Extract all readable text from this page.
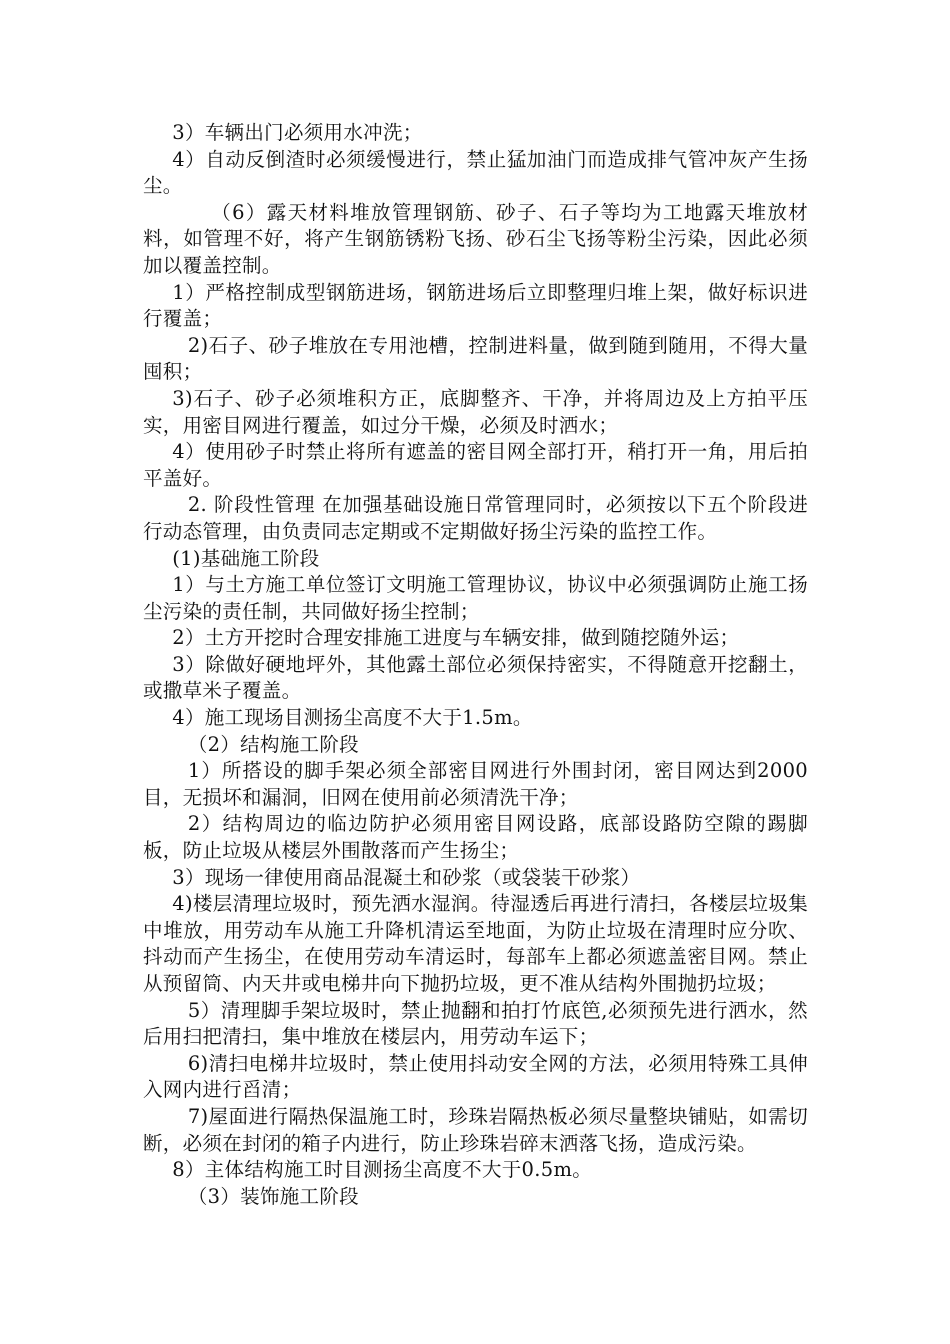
3）车辆出门必须用水冲洗；

4）自动反倒渣时必须缓慢进行，禁止猛加油门而造成排气管冲灰产生扬尘。

（6）露天材料堆放管理钢筋、砂子、石子等均为工地露天堆放材料，如管理不好，将产生钢筋锈粉飞扬、砂石尘飞扬等粉尘污染，因此必须加以覆盖控制。

1）严格控制成型钢筋进场，钢筋进场后立即整理归堆上架，做好标识进行覆盖；

2)石子、砂子堆放在专用池槽，控制进料量，做到随到随用，不得大量囤积；

3)石子、砂子必须堆积方正，底脚整齐、干净，并将周边及上方拍平压实，用密目网进行覆盖，如过分干燥，必须及时洒水；

4）使用砂子时禁止将所有遮盖的密目网全部打开，稍打开一角，用后拍平盖好。

2. 阶段性管理 在加强基础设施日常管理同时，必须按以下五个阶段进行动态管理，由负责同志定期或不定期做好扬尘污染的监控工作。

(1)基础施工阶段

1）与土方施工单位签订文明施工管理协议，协议中必须强调防止施工扬尘污染的责任制，共同做好扬尘控制；

2）土方开挖时合理安排施工进度与车辆安排，做到随挖随外运；

3）除做好硬地坪外，其他露土部位必须保持密实，不得随意开挖翻土，或撒草米子覆盖。

4）施工现场目测扬尘高度不大于1.5m。

（2）结构施工阶段

1）所搭设的脚手架必须全部密目网进行外围封闭，密目网达到2000目，无损坏和漏洞，旧网在使用前必须清洗干净；

2）结构周边的临边防护必须用密目网设路，底部设路防空隙的踢脚板，防止垃圾从楼层外围散落而产生扬尘；

3）现场一律使用商品混凝土和砂浆（或袋装干砂浆）

4)楼层清理垃圾时，预先洒水湿润。待湿透后再进行清扫，各楼层垃圾集中堆放，用劳动车从施工升降机清运至地面，为防止垃圾在清理时应分吹、抖动而产生扬尘，在使用劳动车清运时，每部车上都必须遮盖密目网。禁止从预留筒、内天井或电梯井向下抛扔垃圾，更不准从结构外围抛扔垃圾；

5）清理脚手架垃圾时，禁止抛翻和拍打竹底笆,必须预先进行洒水，然后用扫把清扫，集中堆放在楼层内，用劳动车运下；

6)清扫电梯井垃圾时，禁止使用抖动安全网的方法，必须用特殊工具伸入网内进行舀清；

7)屋面进行隔热保温施工时，珍珠岩隔热板必须尽量整块铺贴，如需切断，必须在封闭的箱子内进行，防止珍珠岩碎末洒落飞扬，造成污染。

8）主体结构施工时目测扬尘高度不大于0.5m。

（3）装饰施工阶段
